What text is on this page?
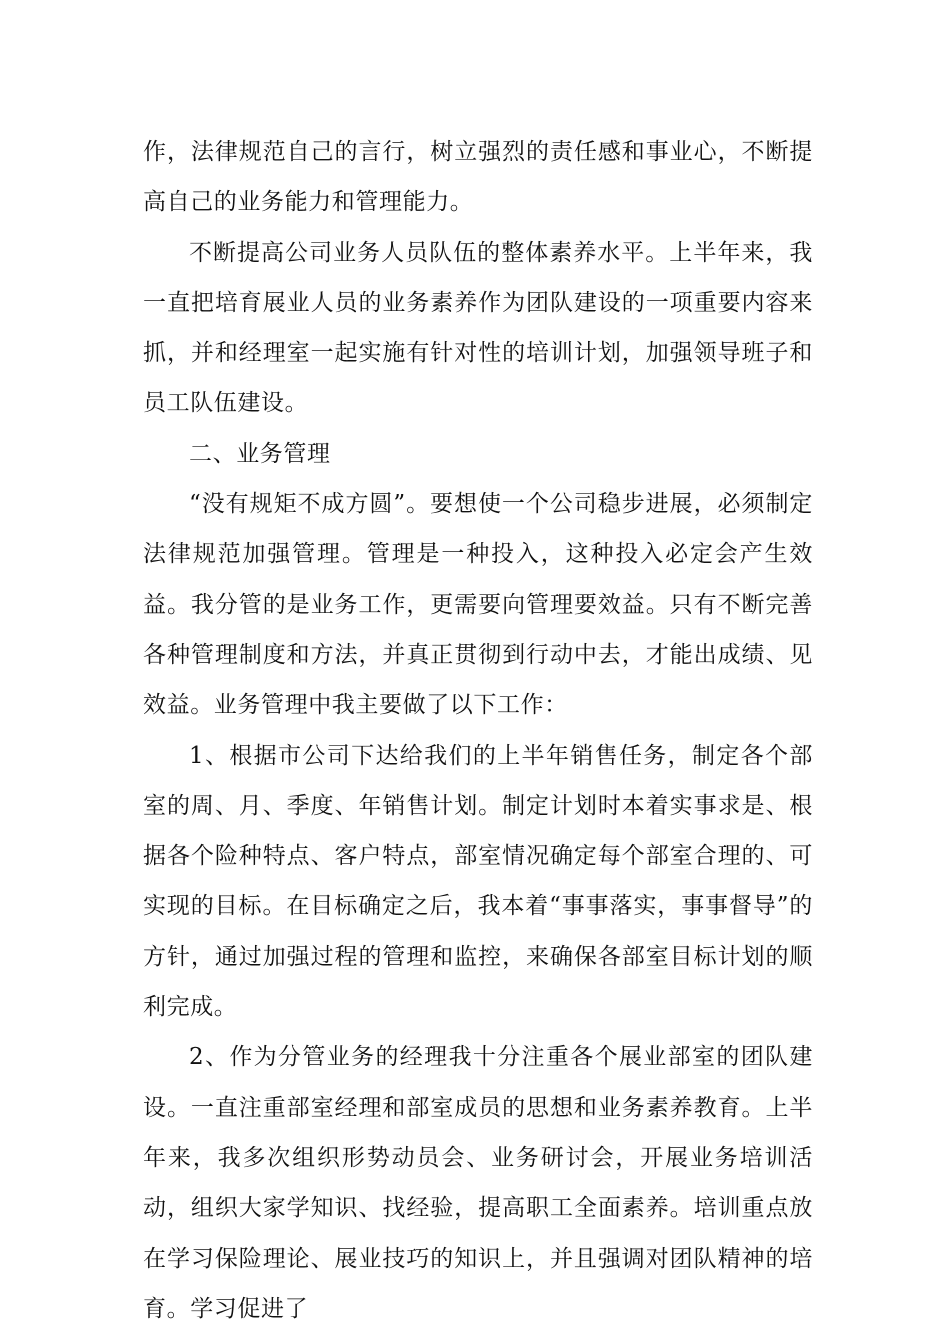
作，法律规范自己的言行，树立强烈的责任感和事业心，不断提高自己的业务能力和管理能力。

不断提高公司业务人员队伍的整体素养水平。上半年来，我一直把培育展业人员的业务素养作为团队建设的一项重要内容来抓，并和经理室一起实施有针对性的培训计划，加强领导班子和员工队伍建设。

二、业务管理

“没有规矩不成方圆”。要想使一个公司稳步进展，必须制定法律规范加强管理。管理是一种投入，这种投入必定会产生效益。我分管的是业务工作，更需要向管理要效益。只有不断完善各种管理制度和方法，并真正贯彻到行动中去，才能出成绩、见效益。业务管理中我主要做了以下工作：

1、根据市公司下达给我们的上半年销售任务，制定各个部室的周、月、季度、年销售计划。制定计划时本着实事求是、根据各个险种特点、客户特点，部室情况确定每个部室合理的、可实现的目标。在目标确定之后，我本着“事事落实，事事督导”的方针，通过加强过程的管理和监控，来确保各部室目标计划的顺利完成。

2、作为分管业务的经理我十分注重各个展业部室的团队建设。一直注重部室经理和部室成员的思想和业务素养教育。上半年来，我多次组织形势动员会、业务研讨会，开展业务培训活动，组织大家学知识、找经验，提高职工全面素养。培训重点放在学习保险理论、展业技巧的知识上，并且强调对团队精神的培育。学习促进了
